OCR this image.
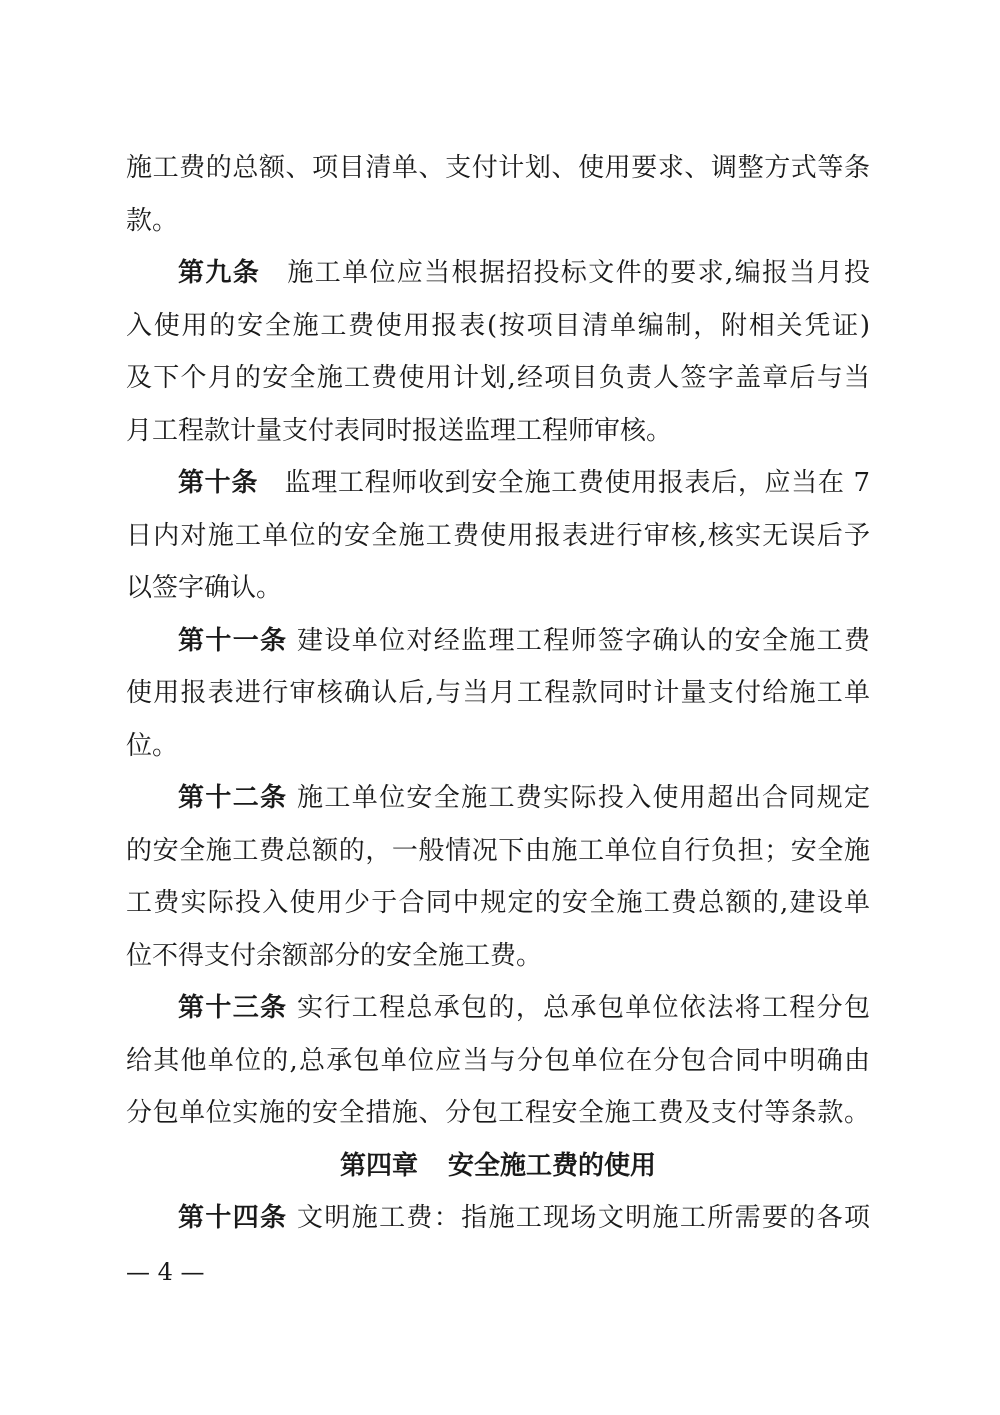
施工费的总额、项目清单、支付计划、使用要求、调整方式等条
款。
第九条 施工单位应当根据招投标文件的要求,编报当月投
入使用的安全施工费使用报表(按项目清单编制，附相关凭证)
及下个月的安全施工费使用计划,经项目负责人签字盖章后与当
月工程款计量支付表同时报送监理工程师审核。
第十条 监理工程师收到安全施工费使用报表后，应当在 7
日内对施工单位的安全施工费使用报表进行审核,核实无误后予
以签字确认。
第十一条 建设单位对经监理工程师签字确认的安全施工费
使用报表进行审核确认后,与当月工程款同时计量支付给施工单
位。
第十二条 施工单位安全施工费实际投入使用超出合同规定
的安全施工费总额的，一般情况下由施工单位自行负担；安全施
工费实际投入使用少于合同中规定的安全施工费总额的,建设单
位不得支付余额部分的安全施工费。
第十三条 实行工程总承包的，总承包单位依法将工程分包
给其他单位的,总承包单位应当与分包单位在分包合同中明确由
分包单位实施的安全措施、分包工程安全施工费及支付等条款。
第四章 安全施工费的使用
第十四条 文明施工费：指施工现场文明施工所需要的各项
— 4 —
